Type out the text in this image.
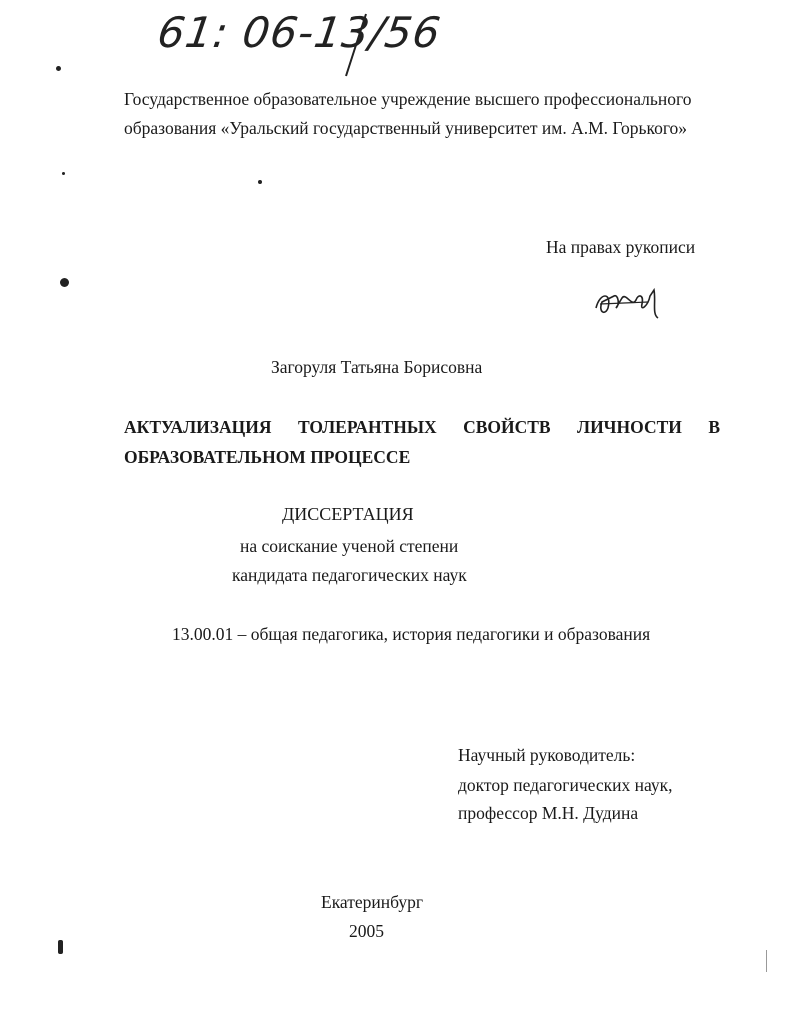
61: 06-13/56
Государственное образовательное учреждение высшего профессионального
образования «Уральский государственный университет им. А.М. Горького»
На правах рукописи
Загоруля Татьяна Борисовна
АКТУАЛИЗАЦИЯ ТОЛЕРАНТНЫХ СВОЙСТВ ЛИЧНОСТИ В ОБРАЗОВАТЕЛЬНОМ ПРОЦЕССЕ
ДИССЕРТАЦИЯ
на соискание ученой степени
кандидата педагогических наук
13.00.01 – общая педагогика, история педагогики и образования
Научный руководитель:
доктор педагогических наук,
профессор М.Н. Дудина
Екатеринбург
2005
